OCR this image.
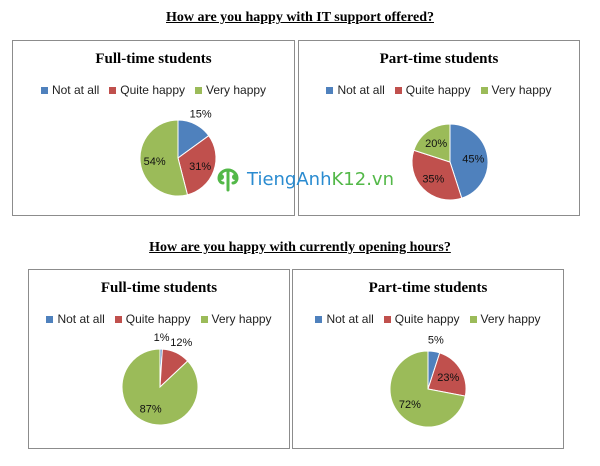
How are you happy with IT support offered?
How are you happy with currently opening hours?
Full-time students
Not at all Quite happy Very happy
15%
31%
54%
Part-time students
Not at all Quite happy Very happy
45%
35%
20%
Full-time students
Not at all Quite happy Very happy
1% 12%
87%
Part-time students
Not at all Quite happy Very happy
5%
23%
72%
TiengAnh K12.vn
